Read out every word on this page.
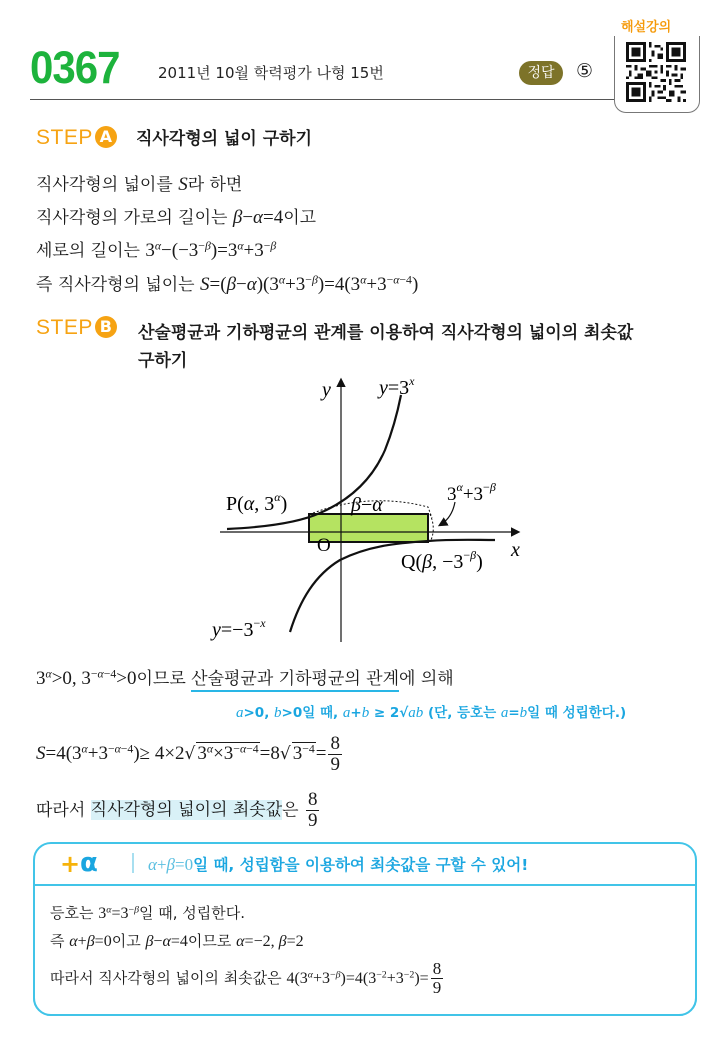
0367	2011년 10월 학력평가 나형 15번	정답	⑤
해설강의
STEP A 직사각형의 넓이 구하기
직사각형의 넓이를 S라 하면
직사각형의 가로의 길이는 β−α=4이고
세로의 길이는 $3^\alpha-(-3^{-\beta})=3^\alpha+3^{-\beta}$
즉 직사각형의 넓이는 $S=(\beta-\alpha)(3^\alpha+3^{-\beta})=4(3^\alpha+3^{-\alpha-4})$
STEP B 산술평균과 기하평균의 관계를 이용하여 직사각형의 넓이의 최솟값
구하기
y
x
O
$y=3^x$
$y=-3^{-x}$
P(α, $3^\alpha$)
Q(β, $-3^{-\beta}$)
β−α	$3^\alpha+3^{-\beta}$
$3^\alpha>0$, $3^{-\alpha-4}>0$이므로 산술평균과 기하평균의 관계에 의해
a>0, b>0일 때, a+b ≥ 2√ab (단, 등호는 a=b일 때 성립한다.)
$S=4(3^\alpha+3^{-\alpha-4})\ge 4\times 2√$ $3^\alpha\times 3^{-\alpha-4}=8√$ $3^{-4}= \frac{8}{9}$
따라서 직사각형의 넓이의 최솟값은 $\frac{8}{9}$
+ α	α+β=0일 때, 성립함을 이용하여 최솟값을 구할 수 있어!
등호는 $3^\alpha=3^{-\beta}$일 때, 성립한다.
즉 α+β=0이고 β−α=4이므로 α=−2, β=2
따라서 직사각형의 넓이의 최솟값은 $4(3^\alpha+3^{-\beta})=4(3^{-2}+3^{-2})= \frac{8}{9}$
